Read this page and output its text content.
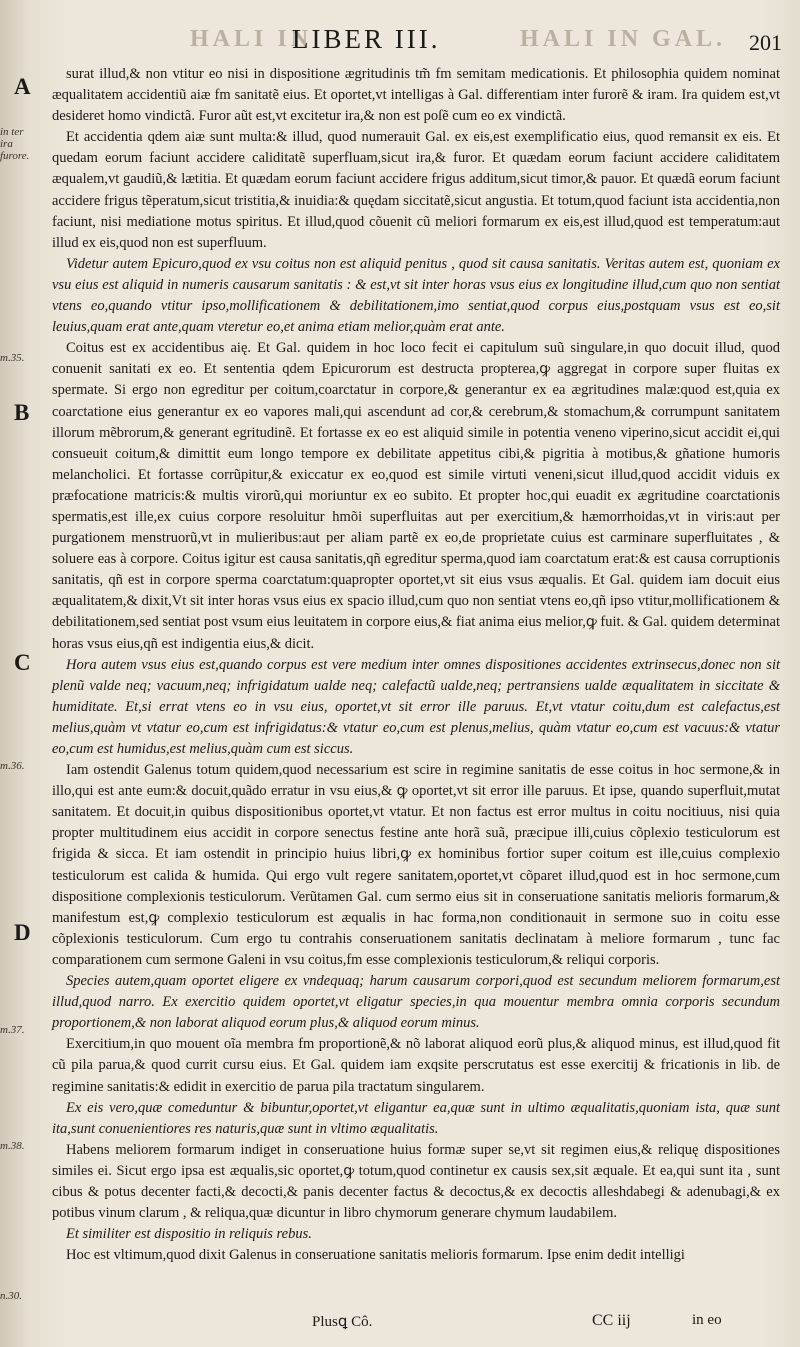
HALI IN
LIBER III.	HALI IN GAL. 201
in ter ira furore.
m.35.
m.36.
m.37.
m.38.
n.30.
A
B
C
D

surat illud,& non vtitur eo nisi in dispositione ægritudinis tm̃ fm semitam medicationis. Et philosophia quidem nominat æqualitatem accidentiũ aiæ fm sanitatẽ eius. Et oportet,vt intelligas à Gal. differentiam inter furorẽ & iram. Ira quidem est,vt desideret homo vindictã. Furor aũt est,vt excitetur ira,& non est poſẽ cum eo ex vindictã.

Et accidentia qdem aiæ sunt multa:& illud, quod numerauit Gal. ex eis,est exemplificatio eius, quod remansit ex eis. Et quedam eorum faciunt accidere caliditatẽ superfluam,sicut ira,& furor. Et quædam eorum faciunt accidere caliditatem æqualem,vt gaudiũ,& lætitia. Et quædam eorum faciunt accidere frigus additum,sicut timor,& pauor. Et quædã eorum faciunt accidere frigus tẽperatum,sicut tristitia,& inuidia:& quędam siccitatẽ,sicut angustia. Et totum,quod faciunt ista accidentia,non faciunt, nisi mediatione motus spiritus. Et illud,quod cõuenit cũ meliori formarum ex eis,est illud,quod est temperatum:aut illud ex eis,quod non est superfluum.

Videtur autem Epicuro,quod ex vsu coitus non est aliquid penitus , quod sit causa sanitatis. Veritas autem est, quoniam ex vsu eius est aliquid in numeris causarum sanitatis : & est,vt sit inter horas vsus eius ex longitudine illud,cum quo non sentiat vtens eo,quando vtitur ipso,mollificationem & debilitationem,imo sentiat,quod corpus eius,postquam vsus est eo,sit leuius,quam erat ante,quam vteretur eo,et anima etiam melior,quàm erat ante.

Coitus est ex accidentibus aię. Et Gal. quidem in hoc loco fecit ei capitulum suũ singulare,in quo docuit illud, quod conuenit sanitati ex eo. Et sententia qdem Epicurorum est destructa propterea,ꝙ aggregat in corpore super fluitas ex spermate. Si ergo non egreditur per coitum,coarctatur in corpore,& generantur ex ea ægritudines malæ:quod est,quia ex coarctatione eius generantur ex eo vapores mali,qui ascendunt ad cor,& cerebrum,& stomachum,& corrumpunt sanitatem illorum mẽbrorum,& generant egritudinẽ. Et fortasse ex eo est aliquid simile in potentia veneno viperino,sicut accidit ei,qui consueuit coitum,& dimittit eum longo tempore ex debilitate appetitus cibi,& pigritia à motibus,& gñatione humoris melancholici. Et fortasse corrũpitur,& exiccatur ex eo,quod est simile virtuti veneni,sicut illud,quod accidit viduis ex præfocatione matricis:& multis virorũ,qui moriuntur ex eo subito. Et propter hoc,qui euadit ex ægritudine coarctationis spermatis,est ille,ex cuius corpore resoluitur hmõi superfluitas aut per exercitium,& hæmorrhoidas,vt in viris:aut per purgationem menstruorũ,vt in mulieribus:aut per aliam partẽ ex eo,de proprietate cuius est carminare superfluitates , & soluere eas à corpore. Coitus igitur est causa sanitatis,qñ egreditur sperma,quod iam coarctatum erat:& est causa corruptionis sanitatis, qñ est in corpore sperma coarctatum:quapropter oportet,vt sit eius vsus æqualis. Et Gal. quidem iam docuit eius æqualitatem,& dixit,Vt sit inter horas vsus eius ex spacio illud,cum quo non sentiat vtens eo,qñ ipso vtitur,mollificationem & debilitationem,sed sentiat post vsum eius leuitatem in corpore eius,& fiat anima eius melior,ꝙ fuit. & Gal. quidem determinat horas vsus eius,qñ est indigentia eius,& dicit.

Hora autem vsus eius est,quando corpus est vere medium inter omnes dispositiones accidentes extrinsecus,donec non sit plenũ valde neq; vacuum,neq; infrigidatum ualde neq; calefactũ ualde,neq; pertransiens ualde æqualitatem in siccitate & humiditate. Et,si errat vtens eo in vsu eius, oportet,vt sit error ille paruus. Et,vt vtatur coitu,dum est calefactus,est melius,quàm vt vtatur eo,cum est infrigidatus:& vtatur eo,cum est plenus,melius, quàm vtatur eo,cum est vacuus:& vtatur eo,cum est humidus,est melius,quàm cum est siccus.

Iam ostendit Galenus totum quidem,quod necessarium est scire in regimine sanitatis de esse coitus in hoc sermone,& in illo,qui est ante eum:& docuit,quãdo erratur in vsu eius,& ꝙ oportet,vt sit error ille paruus. Et ipse, quando superfluit,mutat sanitatem. Et docuit,in quibus dispositionibus oportet,vt vtatur. Et non factus est error multus in coitu nocitiuus, nisi quia propter multitudinem eius accidit in corpore senectus festine ante horã suã, præcipue illi,cuius cõplexio testiculorum est frigida & sicca. Et iam ostendit in principio huius libri,ꝙ ex hominibus fortior super coitum est ille,cuius complexio testiculorum est calida & humida. Qui ergo vult regere sanitatem,oportet,vt cõparet illud,quod est in hoc sermone,cum dispositione complexionis testiculorum. Verũtamen Gal. cum sermo eius sit in conseruatione sanitatis melioris formarum,& manifestum est,ꝙ complexio testiculorum est æqualis in hac forma,non conditionauit in sermone suo in coitu esse cõplexionis testiculorum. Cum ergo tu contrahis conseruationem sanitatis declinatam à meliore formarum , tunc fac comparationem cum sermone Galeni in vsu coitus,fm esse complexionis testiculorum,& reliqui corporis.

Species autem,quam oportet eligere ex vndequaq; harum causarum corpori,quod est secundum meliorem formarum,est illud,quod narro. Ex exercitio quidem oportet,vt eligatur species,in qua mouentur membra omnia corporis secundum proportionem,& non laborat aliquod eorum plus,& aliquod eorum minus.

Exercitium,in quo mouent oĩa membra fm proportionẽ,& nõ laborat aliquod eorũ plus,& aliquod minus, est illud,quod fit cũ pila parua,& quod currit cursu eius. Et Gal. quidem iam exqsite perscrutatus est esse exercitij & fricationis in lib. de regimine sanitatis:& edidit in exercitio de parua pila tractatum singularem.

Ex eis vero,quæ comeduntur & bibuntur,oportet,vt eligantur ea,quæ sunt in ultimo æqualitatis,quoniam ista, quæ sunt ita,sunt conuenientiores res naturis,quæ sunt in vltimo æqualitatis.

Habens meliorem formarum indiget in conseruatione huius formæ super se,vt sit regimen eius,& reliquę dispositiones similes ei. Sicut ergo ipsa est æqualis,sic oportet,ꝙ totum,quod continetur ex causis sex,sit æquale. Et ea,qui sunt ita , sunt cibus & potus decenter facti,& decocti,& panis decenter factus & decoctus,& ex decoctis alleshdabegi & adenubagi,& ex potibus vinum clarum , & reliqua,quæ dicuntur in libro chymorum generare chymum laudabilem.

Et similiter est dispositio in reliquis rebus.

Hoc est vltimum,quod dixit Galenus in conseruatione sanitatis melioris formarum. Ipse enim dedit intelligi

Plusꝗ Cô.	CC iij	in eo
